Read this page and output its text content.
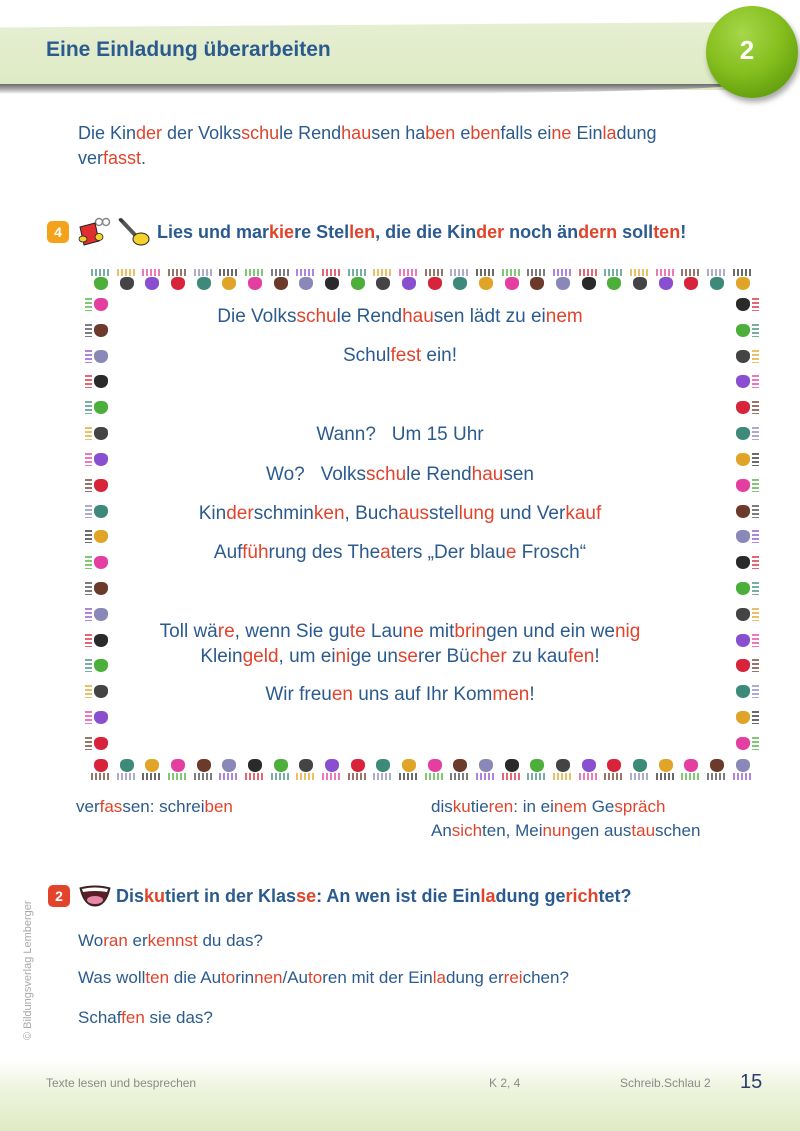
Eine Einladung überarbeiten	2
Die Kinder der Volksschule Rendhausen haben ebenfalls eine Einladung verfasst.
4	Lies und markiere Stellen, die die Kinder noch ändern sollten!
Die Volksschule Rendhausen lädt zu einem
Schulfest ein!
Wann?   Um 15 Uhr
Wo?   Volksschule Rendhausen
Kinderschminken, Buchausstellung und Verkauf
Aufführung des Theaters „Der blaue Frosch“
Toll wäre, wenn Sie gute Laune mitbringen und ein wenig
Kleingeld, um einige unserer Bücher zu kaufen!
Wir freuen uns auf Ihr Kommen!
verfassen: schreiben	diskutieren: in einem Gespräch
Ansichten, Meinungen austauschen
2	Diskutiert in der Klasse: An wen ist die Einladung gerichtet?
Woran erkennst du das?
Was wollten die Autorinnen/Autoren mit der Einladung erreichen?
Schaffen sie das?
© Bildungsverlag Lemberger
Texte lesen und besprechen	K 2, 4	Schreib.Schlau 2 15
